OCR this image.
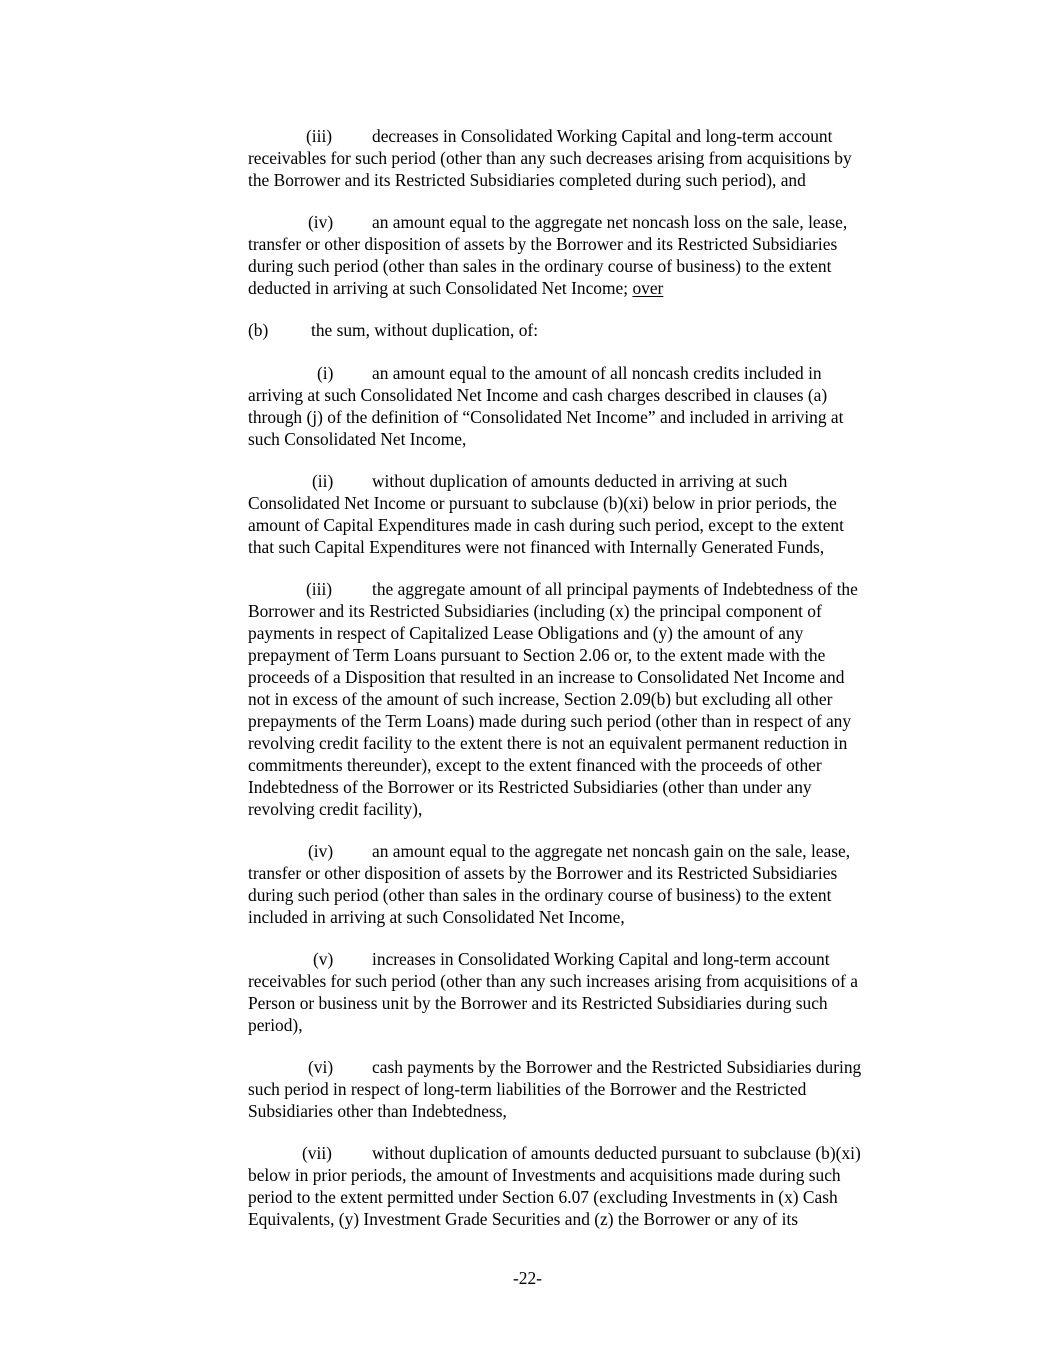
(iii) decreases in Consolidated Working Capital and long-term account
receivables for such period (other than any such decreases arising from acquisitions by
the Borrower and its Restricted Subsidiaries completed during such period), and
(iv) an amount equal to the aggregate net noncash loss on the sale, lease,
transfer or other disposition of assets by the Borrower and its Restricted Subsidiaries
during such period (other than sales in the ordinary course of business) to the extent
deducted in arriving at such Consolidated Net Income; over
(b) the sum, without duplication, of:
(i) an amount equal to the amount of all noncash credits included in
arriving at such Consolidated Net Income and cash charges described in clauses (a)
through (j) of the definition of “Consolidated Net Income” and included in arriving at
such Consolidated Net Income,
(ii) without duplication of amounts deducted in arriving at such
Consolidated Net Income or pursuant to subclause (b)(xi) below in prior periods, the
amount of Capital Expenditures made in cash during such period, except to the extent
that such Capital Expenditures were not financed with Internally Generated Funds,
(iii) the aggregate amount of all principal payments of Indebtedness of the
Borrower and its Restricted Subsidiaries (including (x) the principal component of
payments in respect of Capitalized Lease Obligations and (y) the amount of any
prepayment of Term Loans pursuant to Section 2.06 or, to the extent made with the
proceeds of a Disposition that resulted in an increase to Consolidated Net Income and
not in excess of the amount of such increase, Section 2.09(b) but excluding all other
prepayments of the Term Loans) made during such period (other than in respect of any
revolving credit facility to the extent there is not an equivalent permanent reduction in
commitments thereunder), except to the extent financed with the proceeds of other
Indebtedness of the Borrower or its Restricted Subsidiaries (other than under any
revolving credit facility),
(iv) an amount equal to the aggregate net noncash gain on the sale, lease,
transfer or other disposition of assets by the Borrower and its Restricted Subsidiaries
during such period (other than sales in the ordinary course of business) to the extent
included in arriving at such Consolidated Net Income,
(v) increases in Consolidated Working Capital and long-term account
receivables for such period (other than any such increases arising from acquisitions of a
Person or business unit by the Borrower and its Restricted Subsidiaries during such
period),
(vi) cash payments by the Borrower and the Restricted Subsidiaries during
such period in respect of long-term liabilities of the Borrower and the Restricted
Subsidiaries other than Indebtedness,
(vii) without duplication of amounts deducted pursuant to subclause (b)(xi)
below in prior periods, the amount of Investments and acquisitions made during such
period to the extent permitted under Section 6.07 (excluding Investments in (x) Cash
Equivalents, (y) Investment Grade Securities and (z) the Borrower or any of its
-22-
